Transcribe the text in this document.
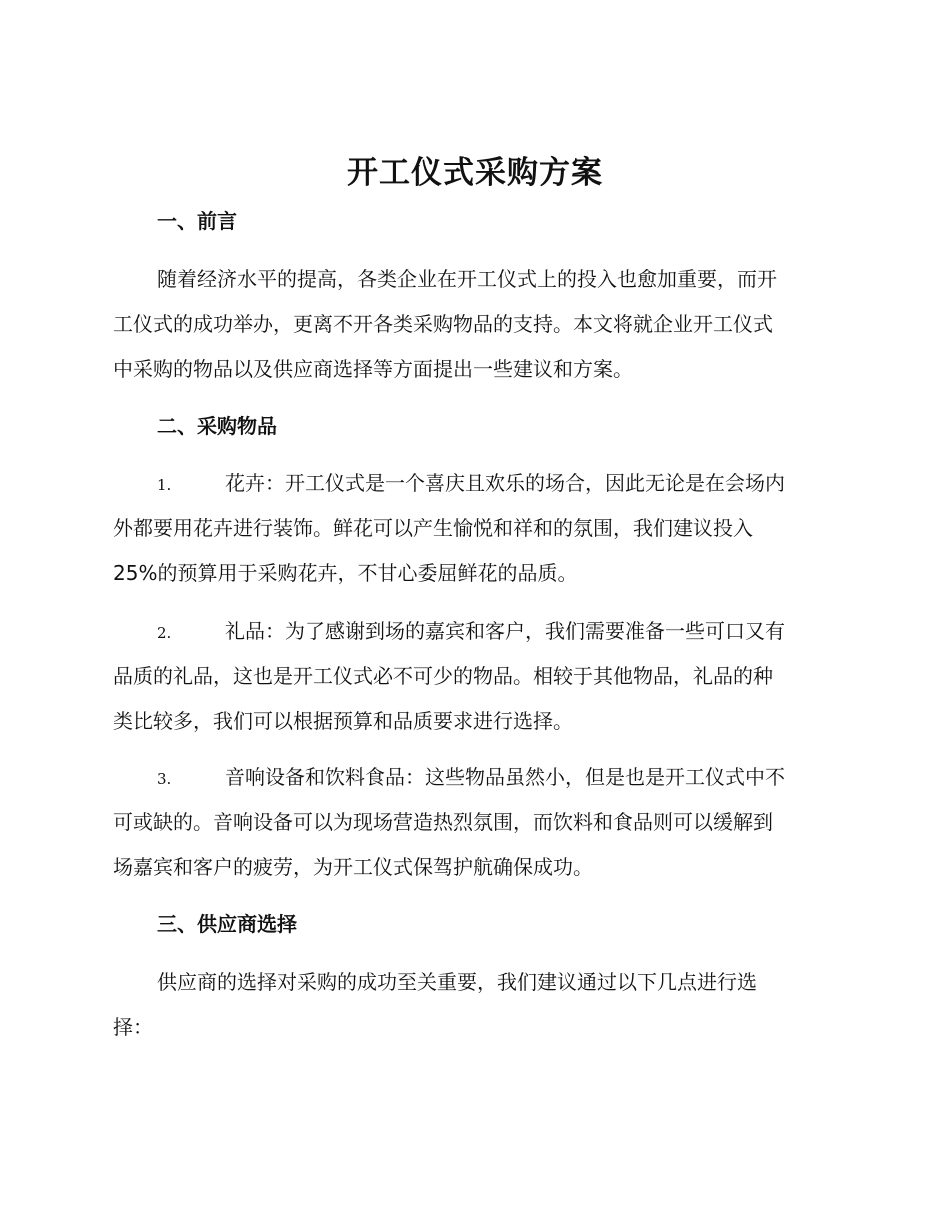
开工仪式采购方案
一、前言
随着经济水平的提高，各类企业在开工仪式上的投入也愈加重要，而开
工仪式的成功举办，更离不开各类采购物品的支持。本文将就企业开工仪式
中采购的物品以及供应商选择等方面提出一些建议和方案。
二、采购物品
1.	花卉：开工仪式是一个喜庆且欢乐的场合，因此无论是在会场内
外都要用花卉进行装饰。鲜花可以产生愉悦和祥和的氛围，我们建议投入
25%的预算用于采购花卉，不甘心委屈鲜花的品质。
2.	礼品：为了感谢到场的嘉宾和客户，我们需要准备一些可口又有
品质的礼品，这也是开工仪式必不可少的物品。相较于其他物品，礼品的种
类比较多，我们可以根据预算和品质要求进行选择。
3.	音响设备和饮料食品：这些物品虽然小，但是也是开工仪式中不
可或缺的。音响设备可以为现场营造热烈氛围，而饮料和食品则可以缓解到
场嘉宾和客户的疲劳，为开工仪式保驾护航确保成功。
三、供应商选择
供应商的选择对采购的成功至关重要，我们建议通过以下几点进行选
择：
